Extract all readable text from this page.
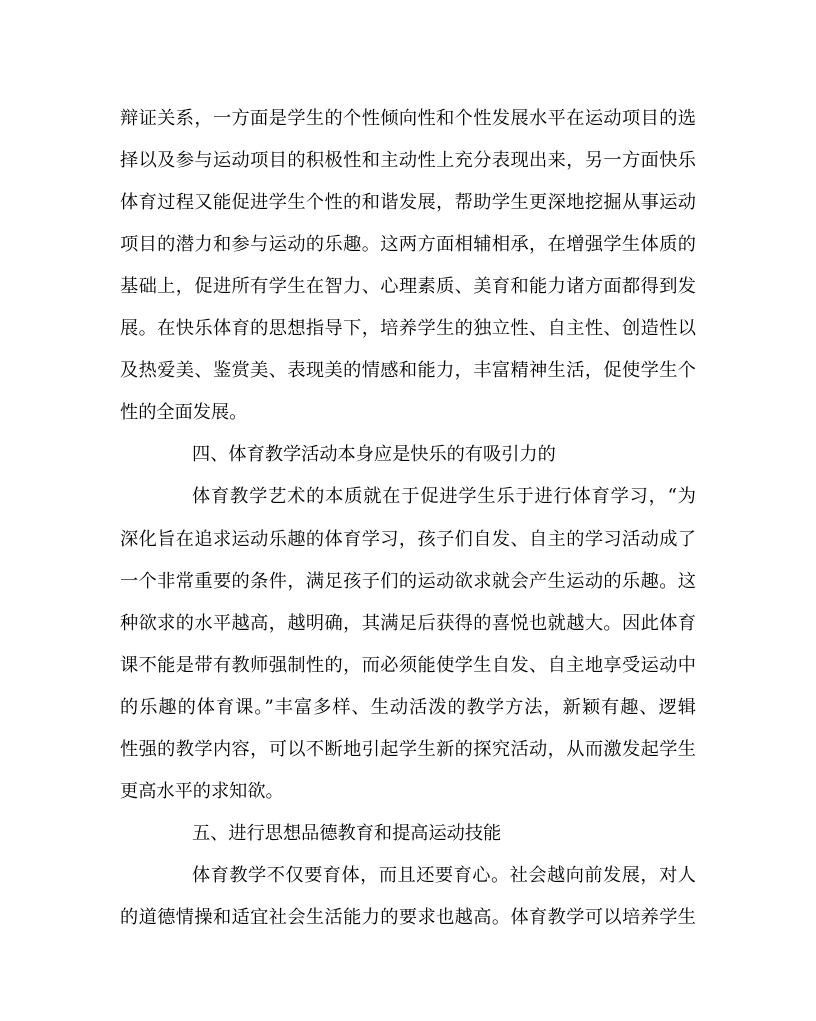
辩证关系，一方面是学生的个性倾向性和个性发展水平在运动项目的选
择以及参与运动项目的积极性和主动性上充分表现出来，另一方面快乐
体育过程又能促进学生个性的和谐发展，帮助学生更深地挖掘从事运动
项目的潜力和参与运动的乐趣。这两方面相辅相承，在增强学生体质的
基础上，促进所有学生在智力、心理素质、美育和能力诸方面都得到发
展。在快乐体育的思想指导下，培养学生的独立性、自主性、创造性以
及热爱美、鉴赏美、表现美的情感和能力，丰富精神生活，促使学生个
性的全面发展。
四、体育教学活动本身应是快乐的有吸引力的
体育教学艺术的本质就在于促进学生乐于进行体育学习，“为
深化旨在追求运动乐趣的体育学习，孩子们自发、自主的学习活动成了
一个非常重要的条件，满足孩子们的运动欲求就会产生运动的乐趣。这
种欲求的水平越高，越明确，其满足后获得的喜悦也就越大。因此体育
课不能是带有教师强制性的，而必须能使学生自发、自主地享受运动中
的乐趣的体育课。”丰富多样、生动活泼的教学方法，新颖有趣、逻辑
性强的教学内容，可以不断地引起学生新的探究活动，从而激发起学生
更高水平的求知欲。
五、进行思想品德教育和提高运动技能
体育教学不仅要育体，而且还要育心。社会越向前发展，对人
的道德情操和适宜社会生活能力的要求也越高。体育教学可以培养学生
